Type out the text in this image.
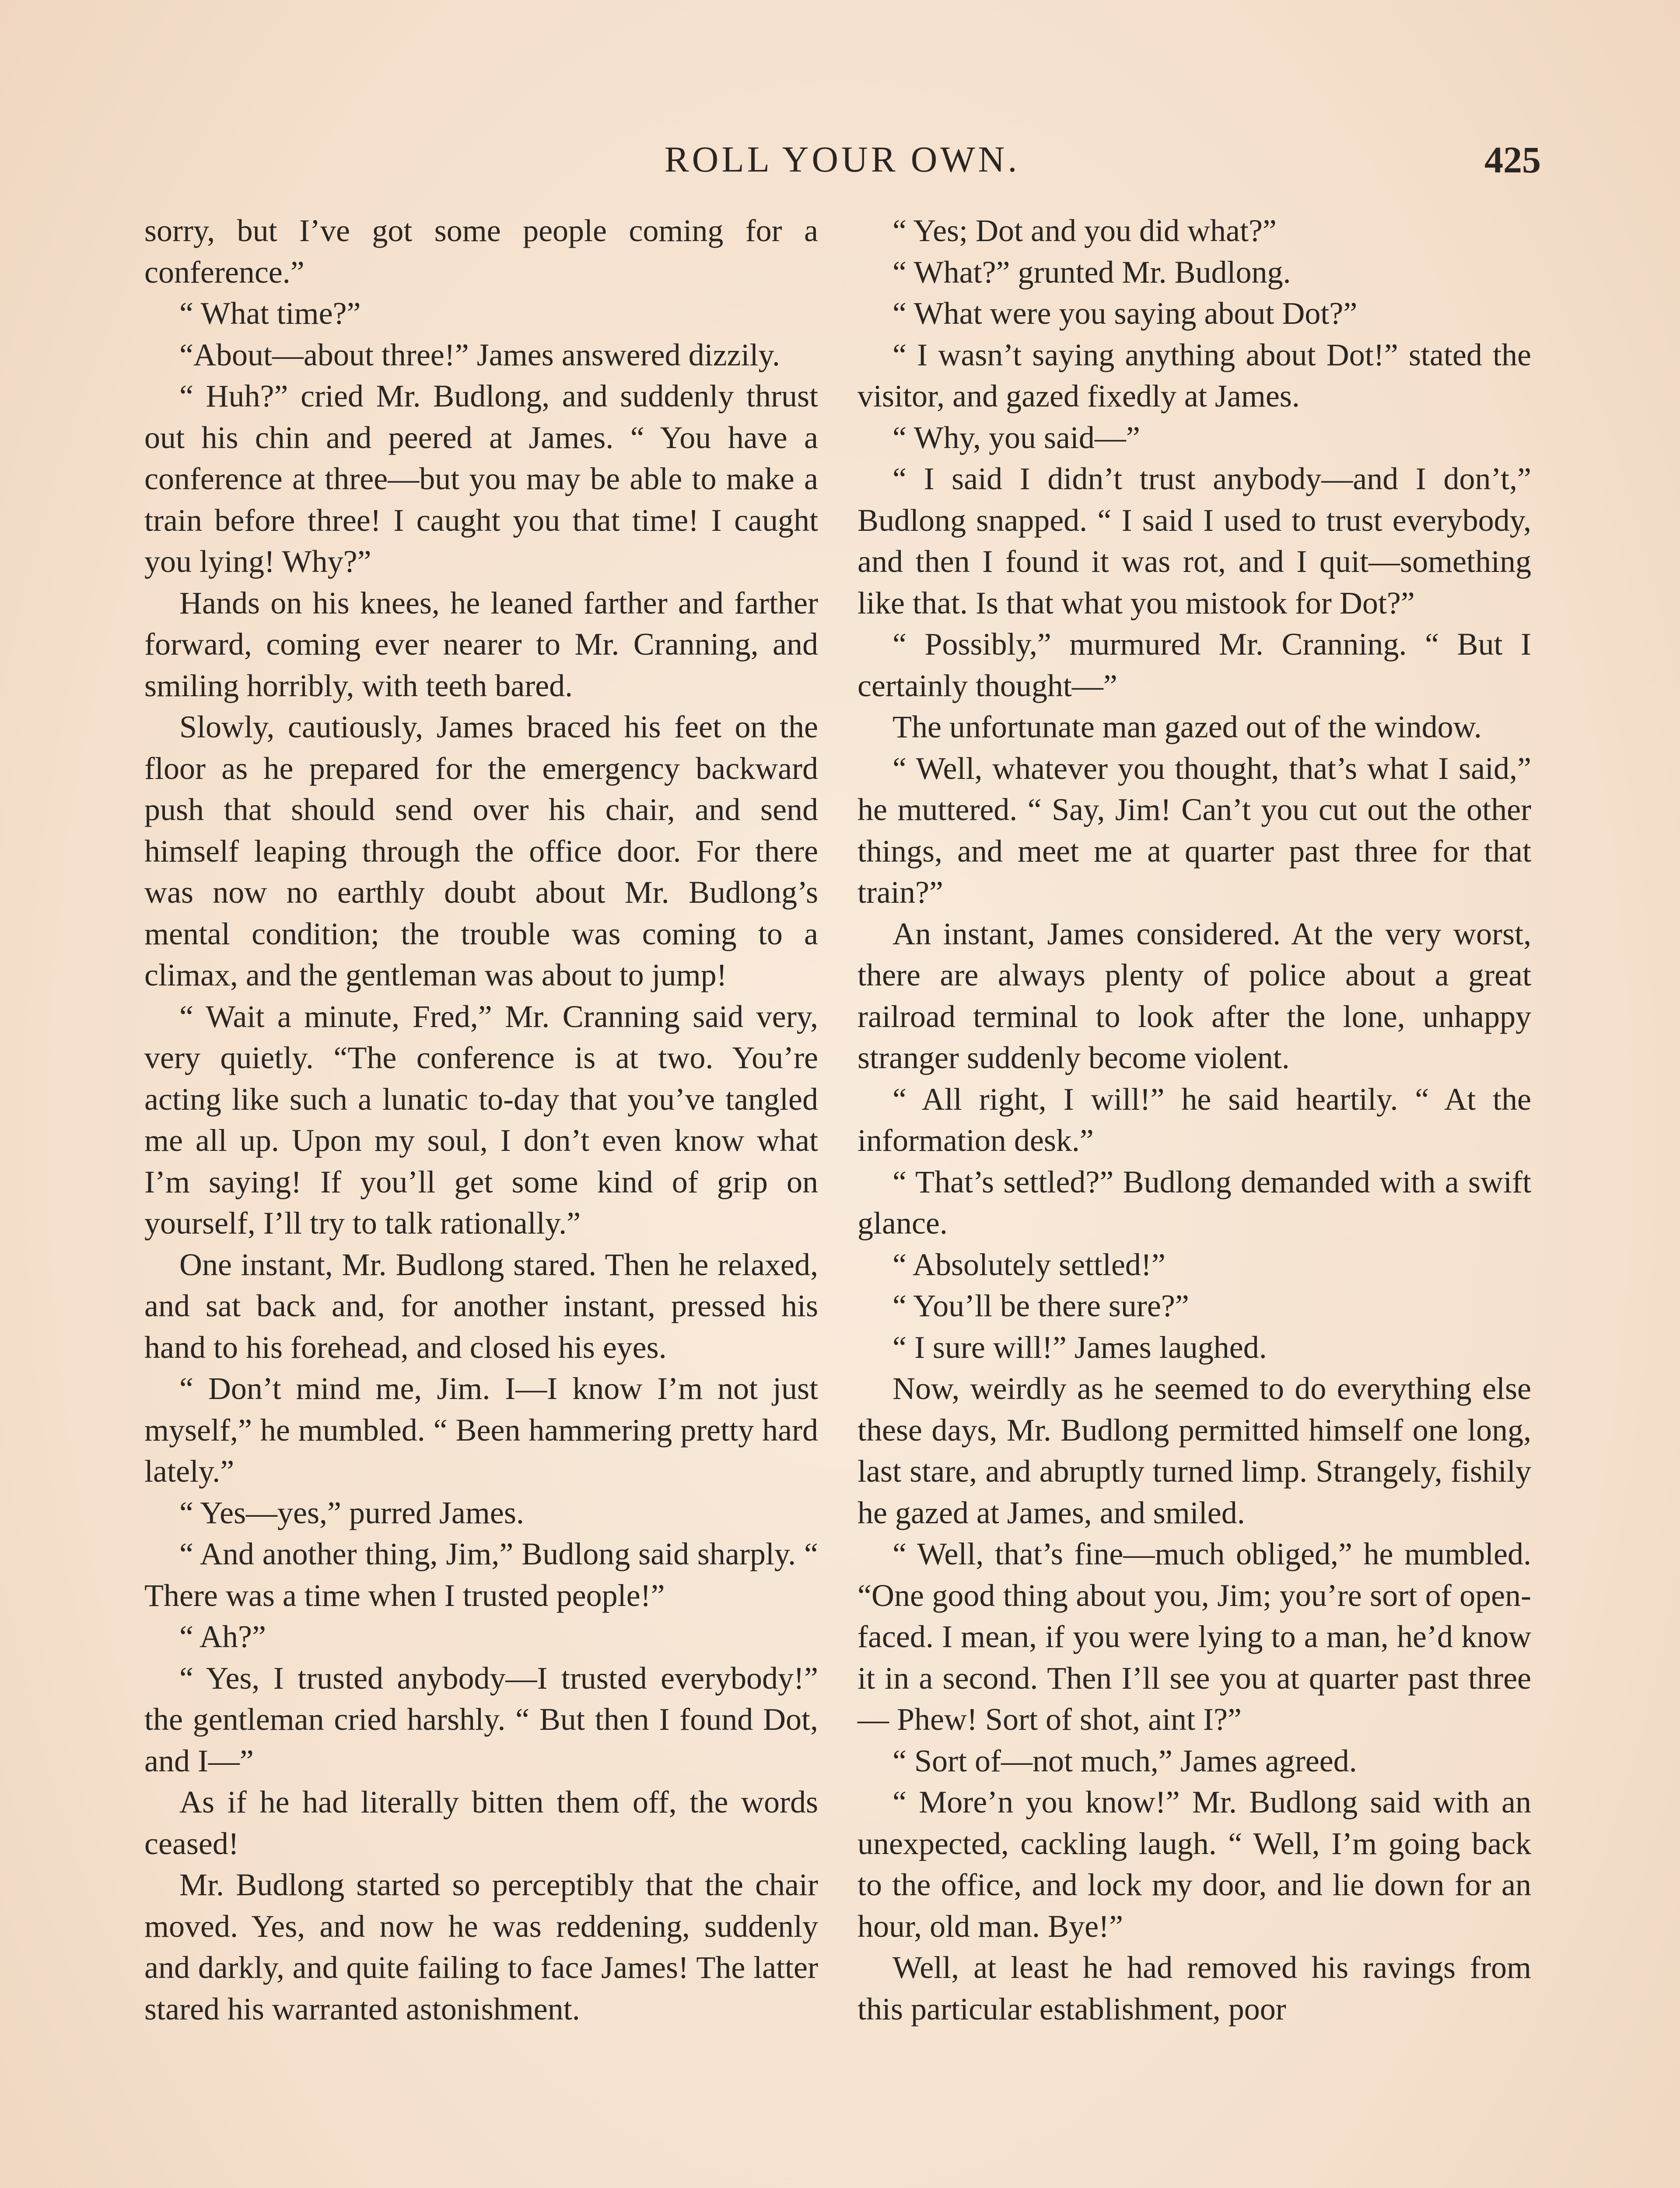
ROLL YOUR OWN.	425

sorry, but I’ve got some people coming for a conference.”

“ What time?”

“About—about three!” James answered dizzily.

“ Huh?” cried Mr. Budlong, and suddenly thrust out his chin and peered at James. “ You have a conference at three—but you may be able to make a train before three! I caught you that time! I caught you lying! Why?”

Hands on his knees, he leaned farther and farther forward, coming ever nearer to Mr. Cranning, and smiling horribly, with teeth bared.

Slowly, cautiously, James braced his feet on the floor as he prepared for the emergency backward push that should send over his chair, and send himself leaping through the office door. For there was now no earthly doubt about Mr. Budlong’s mental condition; the trouble was coming to a climax, and the gentleman was about to jump!

“ Wait a minute, Fred,” Mr. Cranning said very, very quietly. “The conference is at two. You’re acting like such a lunatic to-day that you’ve tangled me all up. Upon my soul, I don’t even know what I’m saying! If you’ll get some kind of grip on yourself, I’ll try to talk rationally.”

One instant, Mr. Budlong stared. Then he relaxed, and sat back and, for another instant, pressed his hand to his forehead, and closed his eyes.

“ Don’t mind me, Jim. I—I know I’m not just myself,” he mumbled. “ Been hammering pretty hard lately.”

“ Yes—yes,” purred James.

“ And another thing, Jim,” Budlong said sharply. “ There was a time when I trusted people!”

“ Ah?”

“ Yes, I trusted anybody—I trusted everybody!” the gentleman cried harshly. “ But then I found Dot, and I—”

As if he had literally bitten them off, the words ceased!

Mr. Budlong started so perceptibly that the chair moved. Yes, and now he was reddening, suddenly and darkly, and quite failing to face James! The latter stared his warranted astonishment.

“ Yes; Dot and you did what?”

“ What?” grunted Mr. Budlong.

“ What were you saying about Dot?”

“ I wasn’t saying anything about Dot!” stated the visitor, and gazed fixedly at James.

“ Why, you said—”

“ I said I didn’t trust anybody—and I don’t,” Budlong snapped. “ I said I used to trust everybody, and then I found it was rot, and I quit—something like that. Is that what you mistook for Dot?”

“ Possibly,” murmured Mr. Cranning. “ But I certainly thought—”

The unfortunate man gazed out of the window.

“ Well, whatever you thought, that’s what I said,” he muttered. “ Say, Jim! Can’t you cut out the other things, and meet me at quarter past three for that train?”

An instant, James considered. At the very worst, there are always plenty of police about a great railroad terminal to look after the lone, unhappy stranger suddenly become violent.

“ All right, I will!” he said heartily. “ At the information desk.”

“ That’s settled?” Budlong demanded with a swift glance.

“ Absolutely settled!”

“ You’ll be there sure?”

“ I sure will!” James laughed.

Now, weirdly as he seemed to do everything else these days, Mr. Budlong permitted himself one long, last stare, and abruptly turned limp. Strangely, fishily he gazed at James, and smiled.

“ Well, that’s fine—much obliged,” he mumbled. “One good thing about you, Jim; you’re sort of open-faced. I mean, if you were lying to a man, he’d know it in a second. Then I’ll see you at quarter past three— Phew! Sort of shot, aint I?”

“ Sort of—not much,” James agreed.

“ More’n you know!” Mr. Budlong said with an unexpected, cackling laugh. “ Well, I’m going back to the office, and lock my door, and lie down for an hour, old man. Bye!”

Well, at least he had removed his ravings from this particular establishment, poor
